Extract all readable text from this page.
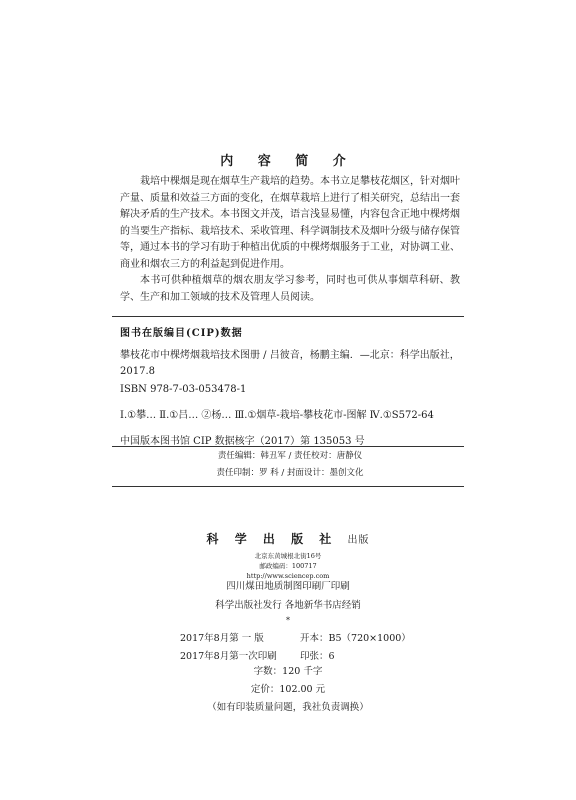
内 容 简 介

栽培中棵烟是现在烟草生产栽培的趋势。本书立足攀枝花烟区，针对烟叶产量、质量和效益三方面的变化，在烟草栽培上进行了相关研究，总结出一套解决矛盾的生产技术。本书图文并茂，语言浅显易懂，内容包含正地中棵烤烟的当要生产指标、栽培技术、采收管理、科学调制技术及烟叶分级与储存保管等，通过本书的学习有助于种植出优质的中棵烤烟服务于工业，对协调工业、商业和烟农三方的利益起到促进作用。

本书可供种植烟草的烟农朋友学习参考，同时也可供从事烟草科研、教学、生产和加工领域的技术及管理人员阅读。

图书在版编目(CIP)数据
攀枝花市中棵烤烟栽培技术图册 / 吕彼音，杨鹏主编．—北京：科学出版社，2017.8
ISBN 978-7-03-053478-1
Ⅰ.①攀… Ⅱ.①吕… ②杨… Ⅲ.①烟草-栽培-攀枝花市-图解 Ⅳ.①S572-64
中国版本图书馆 CIP 数据核字（2017）第 135053 号
责任编辑：韩丑军 / 责任校对：唐静仪
责任印制：罗 科 / 封面设计：墨创文化
科 学 出 版 社 出版
北京东黄城根北街16号
邮政编码：100717
http://www.sciencep.com
四川煤田地质制图印刷厂印刷
科学出版社发行 各地新华书店经销
*
2017年8月第 一 版	开本：B5（720×1000）
2017年8月第一次印刷 印张：6
字数：120 千字
定价：102.00 元
（如有印装质量问题，我社负责调换）
